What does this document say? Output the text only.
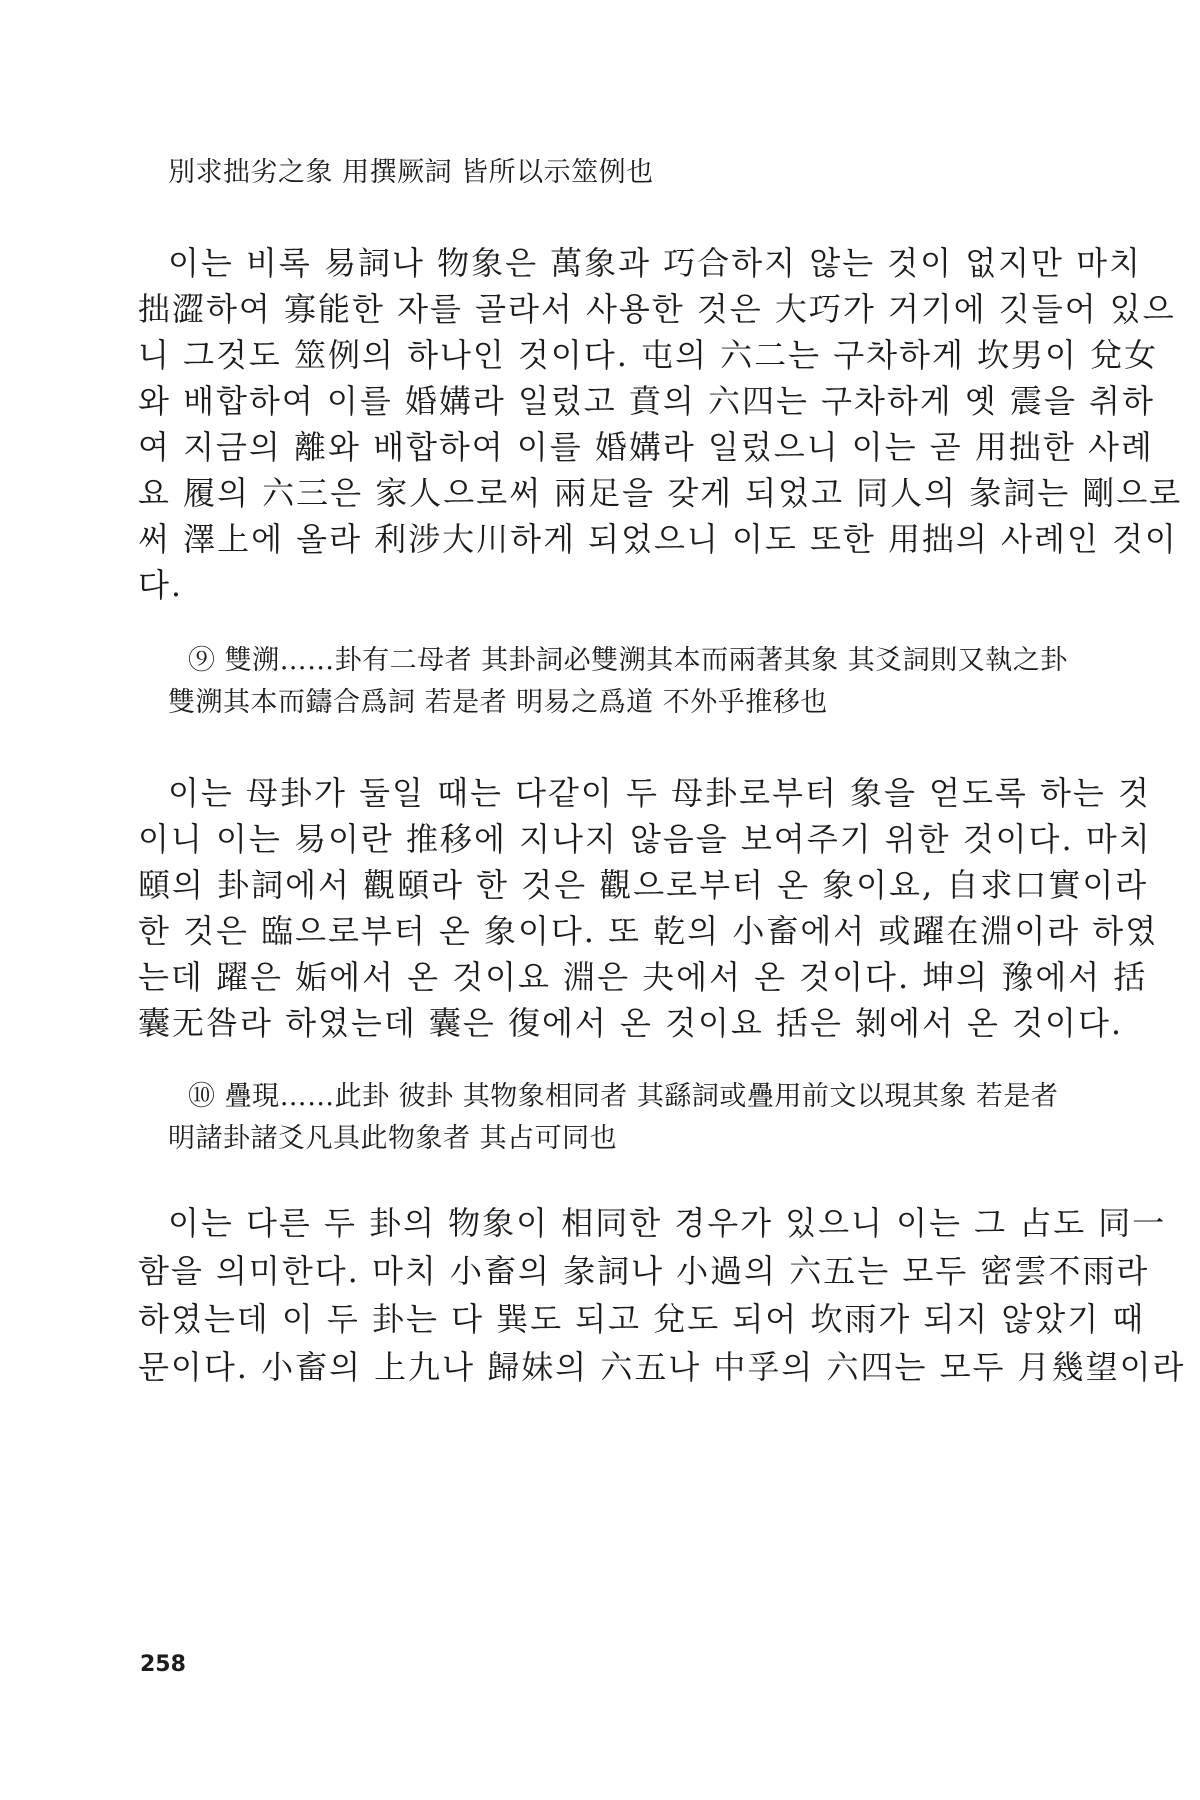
別求拙劣之象 用撰厥詞 皆所以示筮例也
이는 비록 易詞나 物象은 萬象과 巧合하지 않는 것이 없지만 마치
拙澀하여 寡能한 자를 골라서 사용한 것은 大巧가 거기에 깃들어 있으
니 그것도 筮例의 하나인 것이다. 屯의 六二는 구차하게 坎男이 兌女
와 배합하여 이를 婚媾라 일렀고 賁의 六四는 구차하게 옛 震을 취하
여 지금의 離와 배합하여 이를 婚媾라 일렀으니 이는 곧 用拙한 사례
요 履의 六三은 家人으로써 兩足을 갖게 되었고 同人의 彖詞는 剛으로
써 澤上에 올라 利涉大川하게 되었으니 이도 또한 用拙의 사례인 것이
다.
⑨ 雙溯……卦有二母者 其卦詞必雙溯其本而兩著其象 其爻詞則又執之卦
雙溯其本而鑄合爲詞 若是者 明易之爲道 不外乎推移也
이는 母卦가 둘일 때는 다같이 두 母卦로부터 象을 얻도록 하는 것
이니 이는 易이란 推移에 지나지 않음을 보여주기 위한 것이다. 마치
頤의 卦詞에서 觀頤라 한 것은 觀으로부터 온 象이요, 自求口實이라
한 것은 臨으로부터 온 象이다. 또 乾의 小畜에서 或躍在淵이라 하였
는데 躍은 姤에서 온 것이요 淵은 夬에서 온 것이다. 坤의 豫에서 括
囊无咎라 하였는데 囊은 復에서 온 것이요 括은 剝에서 온 것이다.
⑩ 疊現……此卦 彼卦 其物象相同者 其繇詞或疊用前文以現其象 若是者
明諸卦諸爻凡具此物象者 其占可同也
이는 다른 두 卦의 物象이 相同한 경우가 있으니 이는 그 占도 同一
함을 의미한다. 마치 小畜의 彖詞나 小過의 六五는 모두 密雲不雨라
하였는데 이 두 卦는 다 巽도 되고 兌도 되어 坎雨가 되지 않았기 때
문이다. 小畜의 上九나 歸妹의 六五나 中孚의 六四는 모두 月幾望이라
258
